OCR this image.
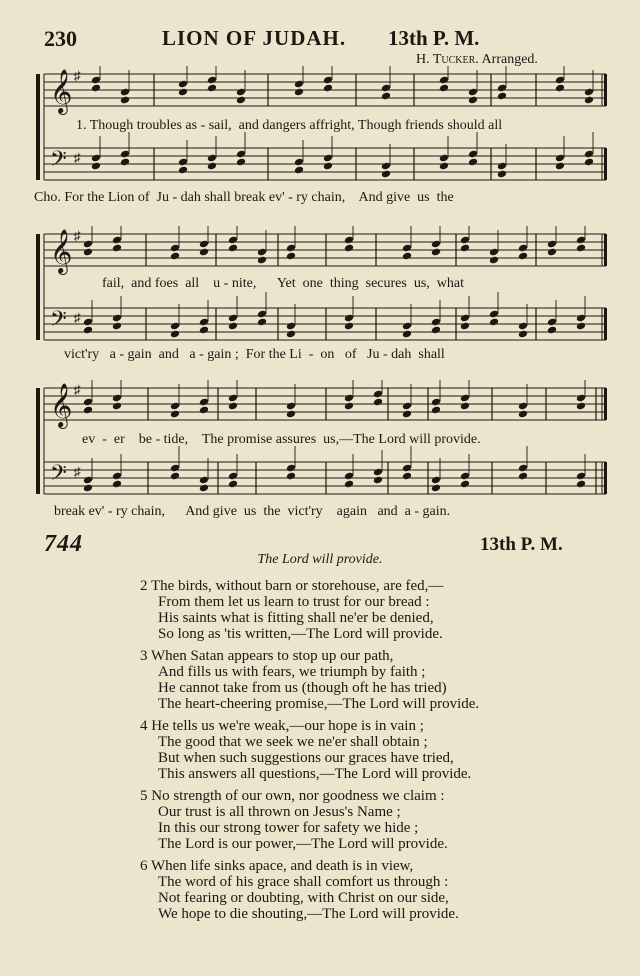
230	LION OF JUDAH. 13th P. M.
H. Tucker. Arranged.
𝄞 ♯
𝄢 ♯
1. Though troubles as - sail,  and dangers affright, Though friends should all
Cho. For the Lion of  Ju - dah shall break ev' - ry chain,    And give  us  the
𝄞 ♯
𝄢 ♯
fail,  and foes  all    u - nite,      Yet  one  thing  secures  us,  what
vict'ry   a - gain  and   a - gain ;  For the Li  -  on   of   Ju - dah  shall
𝄞 ♯
𝄢 ♯
ev  -  er    be - tide,    The promise assures  us,—The Lord will provide.
break ev' - ry chain,      And give  us  the  vict'ry    again   and  a - gain.
744	13th P. M.
The Lord will provide.
2 The birds, without barn or storehouse, are fed,—
From them let us learn to trust for our bread :
His saints what is fitting shall ne'er be denied,
So long as 'tis written,—The Lord will provide.
3 When Satan appears to stop up our path,
And fills us with fears, we triumph by faith ;
He cannot take from us (though oft he has tried)
The heart-cheering promise,—The Lord will provide.
4 He tells us we're weak,—our hope is in vain ;
The good that we seek we ne'er shall obtain ;
But when such suggestions our graces have tried,
This answers all questions,—The Lord will provide.
5 No strength of our own, nor goodness we claim :
Our trust is all thrown on Jesus's Name ;
In this our strong tower for safety we hide ;
The Lord is our power,—The Lord will provide.
6 When life sinks apace, and death is in view,
The word of his grace shall comfort us through :
Not fearing or doubting, with Christ on our side,
We hope to die shouting,—The Lord will provide.
